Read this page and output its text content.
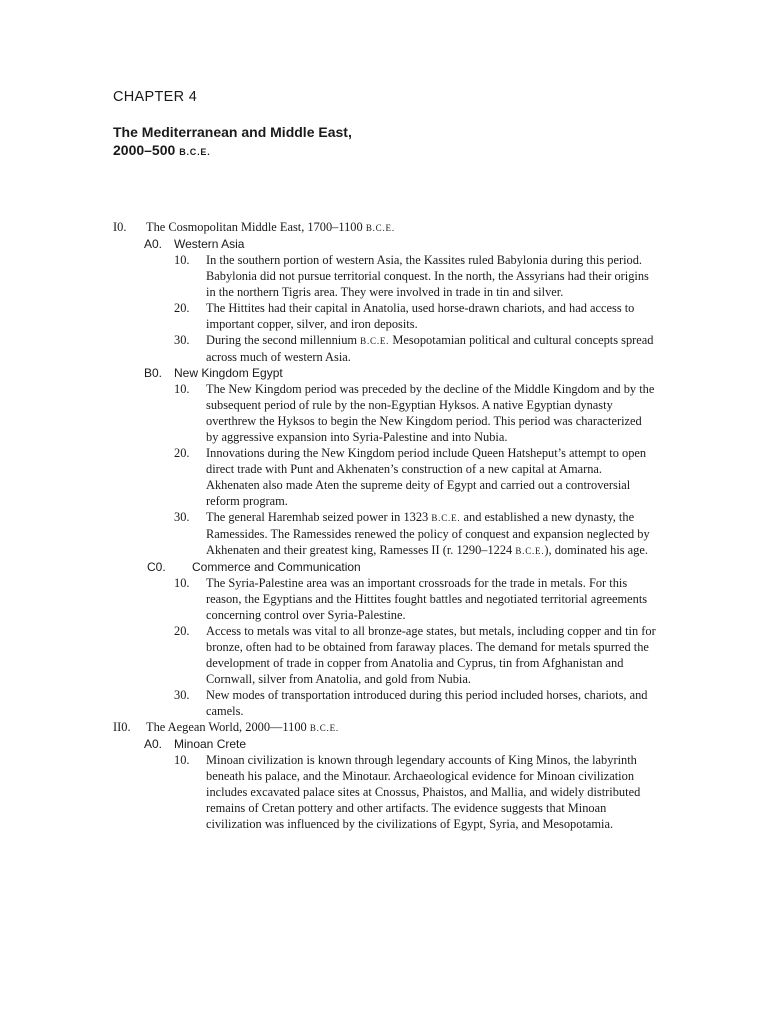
CHAPTER 4
The Mediterranean and Middle East,
2000–500 B.C.E.
I0. The Cosmopolitan Middle East, 1700–1100 B.C.E.
A0. Western Asia
10. In the southern portion of western Asia, the Kassites ruled Babylonia during this period. Babylonia did not pursue territorial conquest. In the north, the Assyrians had their origins in the northern Tigris area. They were involved in trade in tin and silver.
20. The Hittites had their capital in Anatolia, used horse-drawn chariots, and had access to important copper, silver, and iron deposits.
30. During the second millennium B.C.E. Mesopotamian political and cultural concepts spread across much of western Asia.
B0. New Kingdom Egypt
10. The New Kingdom period was preceded by the decline of the Middle Kingdom and by the subsequent period of rule by the non-Egyptian Hyksos. A native Egyptian dynasty overthrew the Hyksos to begin the New Kingdom period. This period was characterized by aggressive expansion into Syria-Palestine and into Nubia.
20. Innovations during the New Kingdom period include Queen Hatsheput’s attempt to open direct trade with Punt and Akhenaten’s construction of a new capital at Amarna. Akhenaten also made Aten the supreme deity of Egypt and carried out a controversial reform program.
30. The general Haremhab seized power in 1323 B.C.E. and established a new dynasty, the Ramessides. The Ramessides renewed the policy of conquest and expansion neglected by Akhenaten and their greatest king, Ramesses II (r. 1290–1224 B.C.E.), dominated his age.
C0. Commerce and Communication
10. The Syria-Palestine area was an important crossroads for the trade in metals. For this reason, the Egyptians and the Hittites fought battles and negotiated territorial agreements concerning control over Syria-Palestine.
20. Access to metals was vital to all bronze-age states, but metals, including copper and tin for bronze, often had to be obtained from faraway places. The demand for metals spurred the development of trade in copper from Anatolia and Cyprus, tin from Afghanistan and Cornwall, silver from Anatolia, and gold from Nubia.
30. New modes of transportation introduced during this period included horses, chariots, and camels.
II0. The Aegean World, 2000—1100 B.C.E.
A0. Minoan Crete
10. Minoan civilization is known through legendary accounts of King Minos, the labyrinth beneath his palace, and the Minotaur. Archaeological evidence for Minoan civilization includes excavated palace sites at Cnossus, Phaistos, and Mallia, and widely distributed remains of Cretan pottery and other artifacts. The evidence suggests that Minoan civilization was influenced by the civilizations of Egypt, Syria, and Mesopotamia.
